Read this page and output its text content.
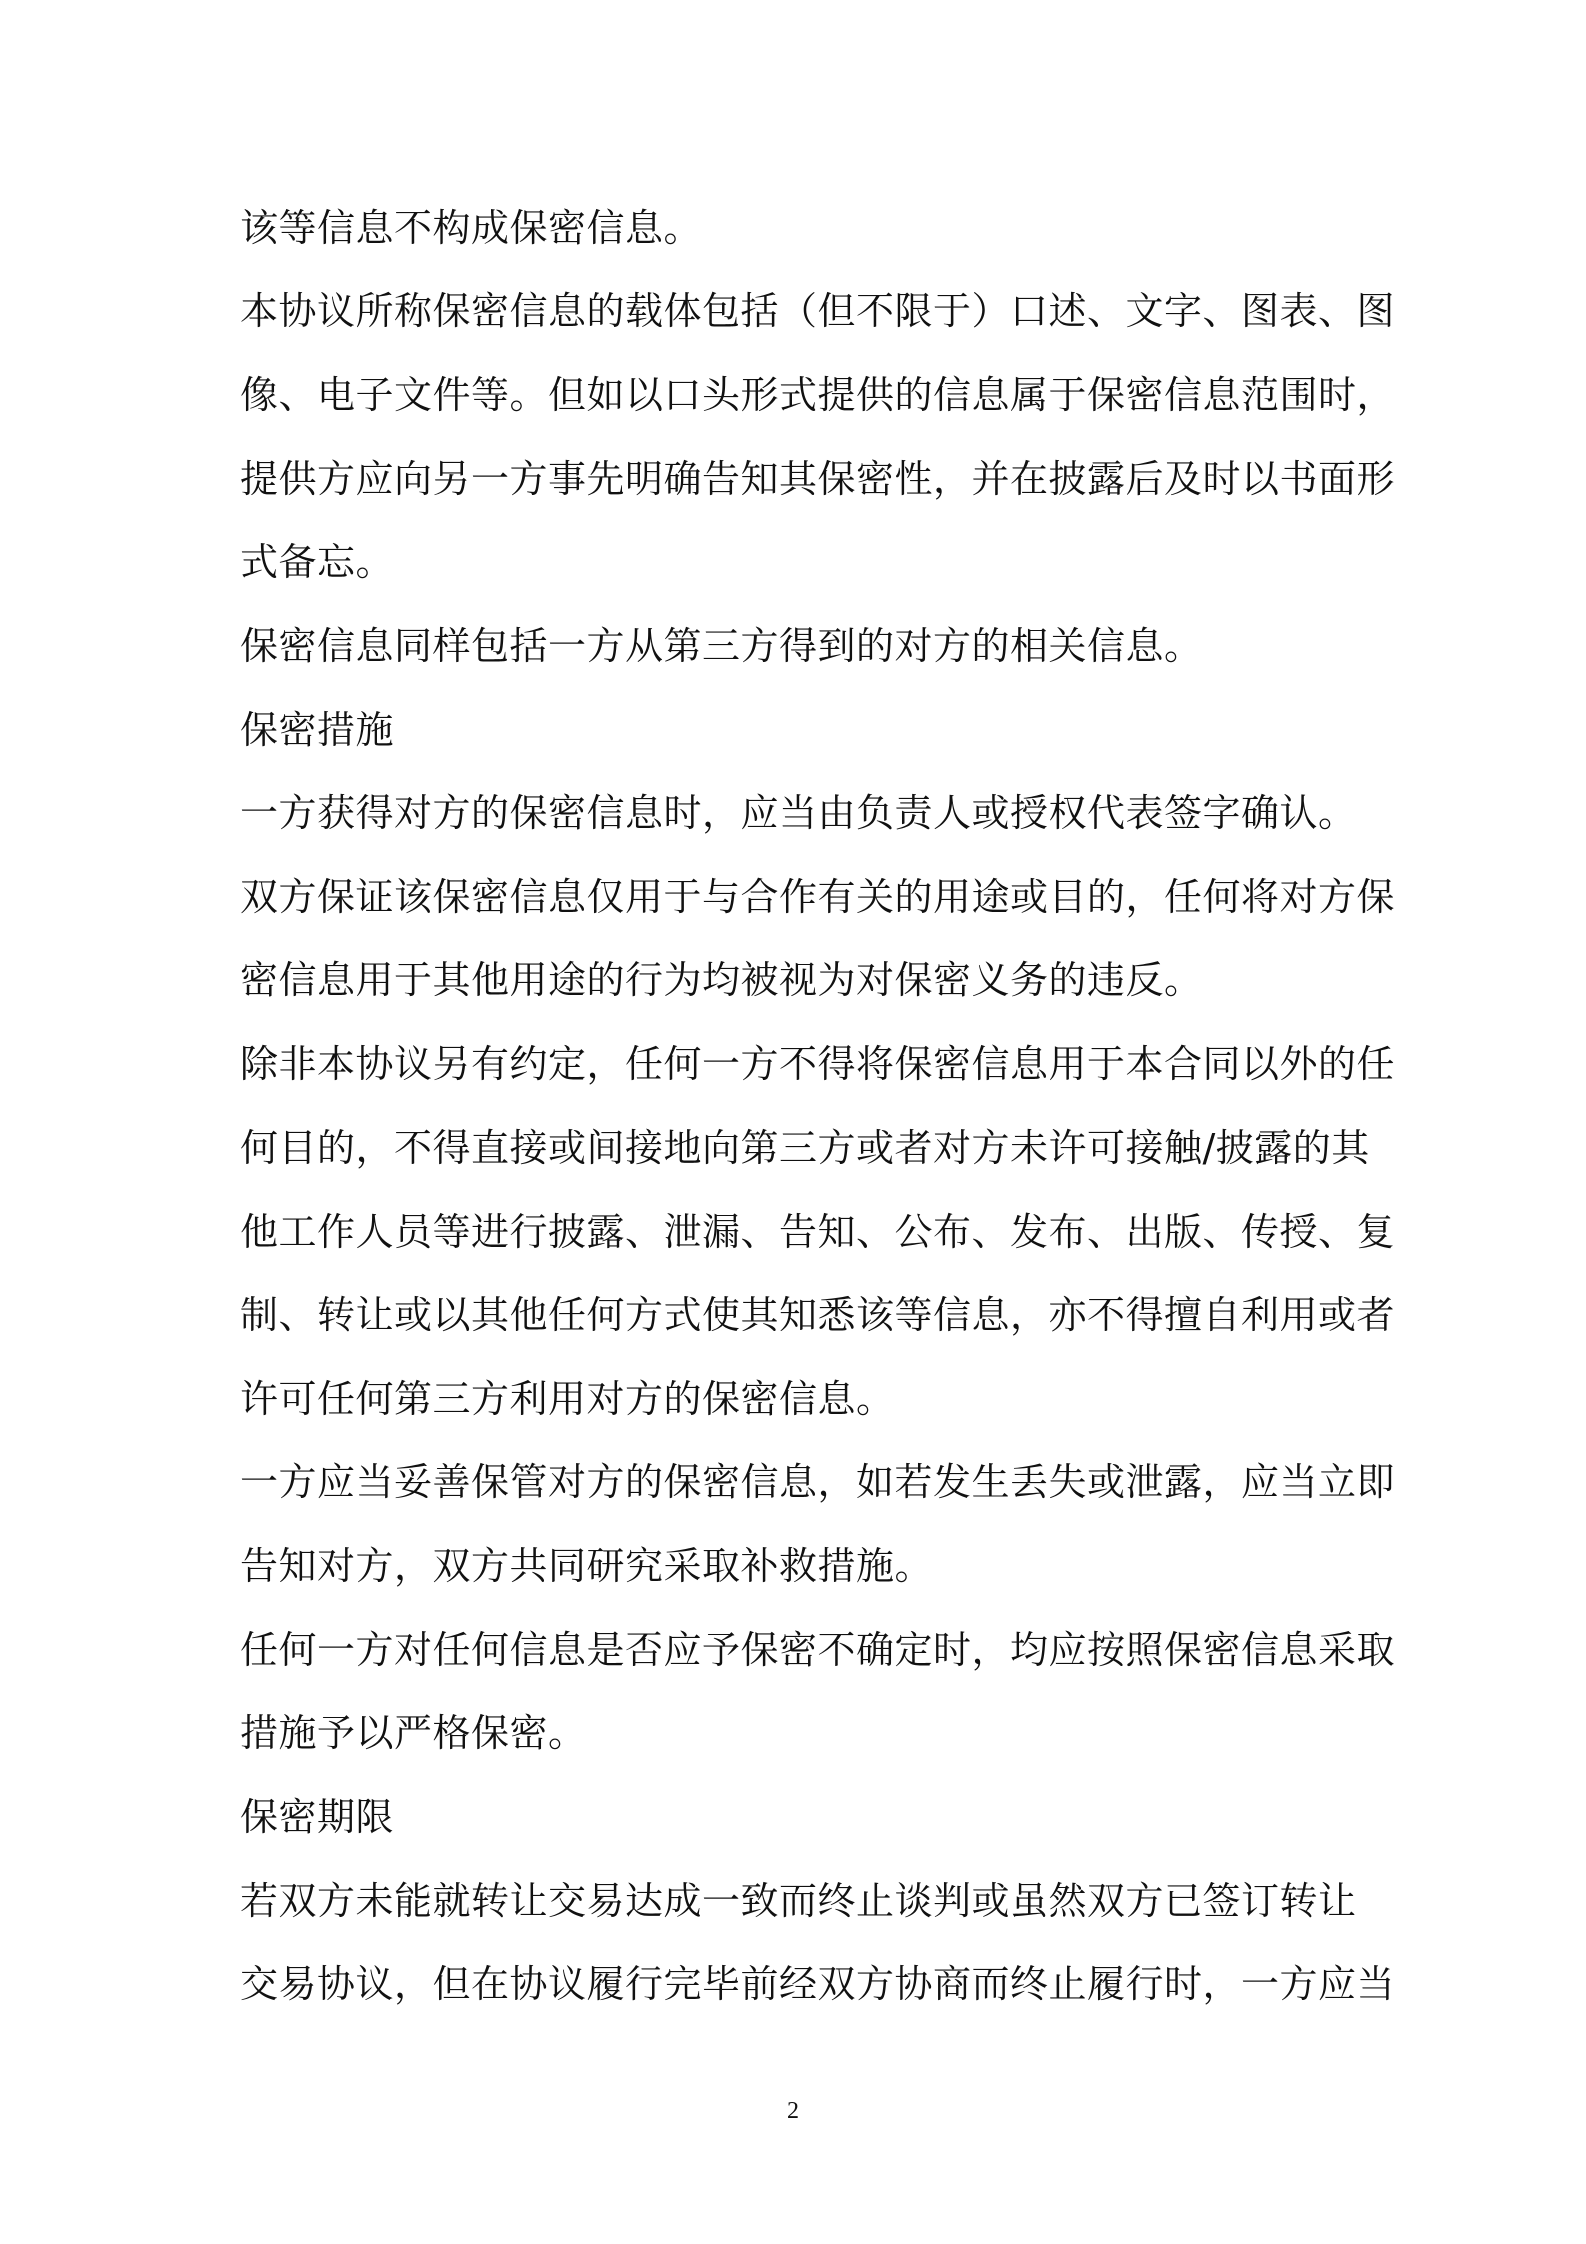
该等信息不构成保密信息。
本协议所称保密信息的载体包括（但不限于）口述、文字、图表、图
像、电子文件等。但如以口头形式提供的信息属于保密信息范围时，
提供方应向另一方事先明确告知其保密性，并在披露后及时以书面形
式备忘。
保密信息同样包括一方从第三方得到的对方的相关信息。
保密措施
一方获得对方的保密信息时，应当由负责人或授权代表签字确认。
双方保证该保密信息仅用于与合作有关的用途或目的，任何将对方保
密信息用于其他用途的行为均被视为对保密义务的违反。
除非本协议另有约定，任何一方不得将保密信息用于本合同以外的任
何目的，不得直接或间接地向第三方或者对方未许可接触/披露的其
他工作人员等进行披露、泄漏、告知、公布、发布、出版、传授、复
制、转让或以其他任何方式使其知悉该等信息，亦不得擅自利用或者
许可任何第三方利用对方的保密信息。
一方应当妥善保管对方的保密信息，如若发生丢失或泄露，应当立即
告知对方，双方共同研究采取补救措施。
任何一方对任何信息是否应予保密不确定时，均应按照保密信息采取
措施予以严格保密。
保密期限
若双方未能就转让交易达成一致而终止谈判或虽然双方已签订转让
交易协议，但在协议履行完毕前经双方协商而终止履行时，一方应当
2
